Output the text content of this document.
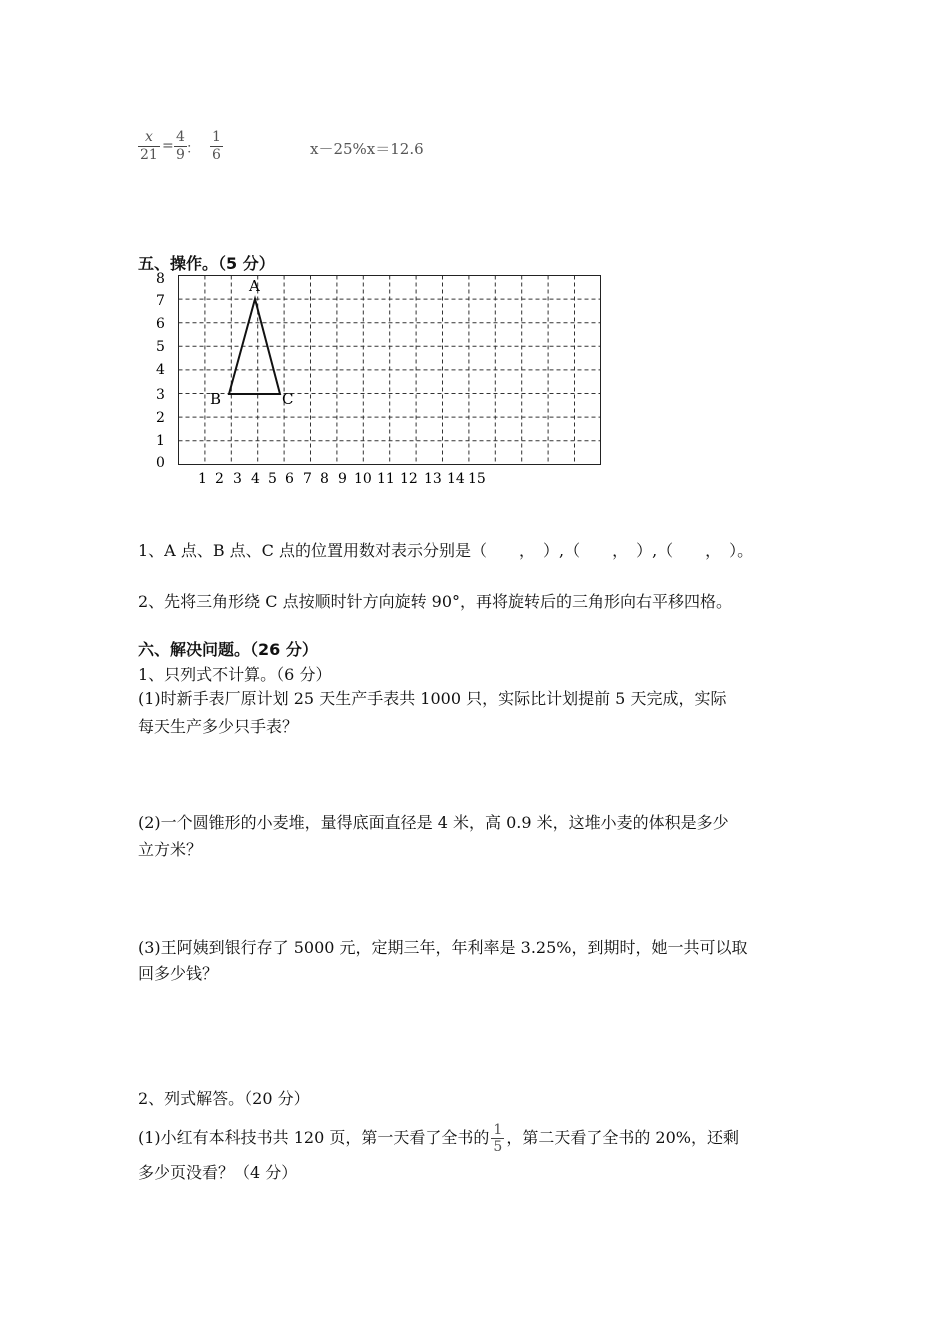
x
21
=
4
9 ：
1
6	x－25%x＝12.6
五、操作。（5 分）
8
7
6
5
4
3
2
1
0
1 2 3 4 5 6 7 8 9 10 11 12 13 14 15
A
B	C
1、A 点、B 点、C 点的位置用数对表示分别是（　　，　）,（　　，　）,（　　，　）。
2、先将三角形绕 C 点按顺时针方向旋转 90°，再将旋转后的三角形向右平移四格。
六、解决问题。（26 分）
1、只列式不计算。（6 分）
(1)时新手表厂原计划 25 天生产手表共 1000 只，实际比计划提前 5 天完成，实际
每天生产多少只手表？
(2)一个圆锥形的小麦堆，量得底面直径是 4 米，高 0.9 米，这堆小麦的体积是多少
立方米？
(3)王阿姨到银行存了 5000 元，定期三年，年利率是 3.25%，到期时，她一共可以取
回多少钱？
2、列式解答。（20 分）
(1)小红有本科技书共 120 页，第一天看了全书的 $\frac{1}{5}$ ，第二天看了全书的 20%，还剩
多少页没看？（4 分）
